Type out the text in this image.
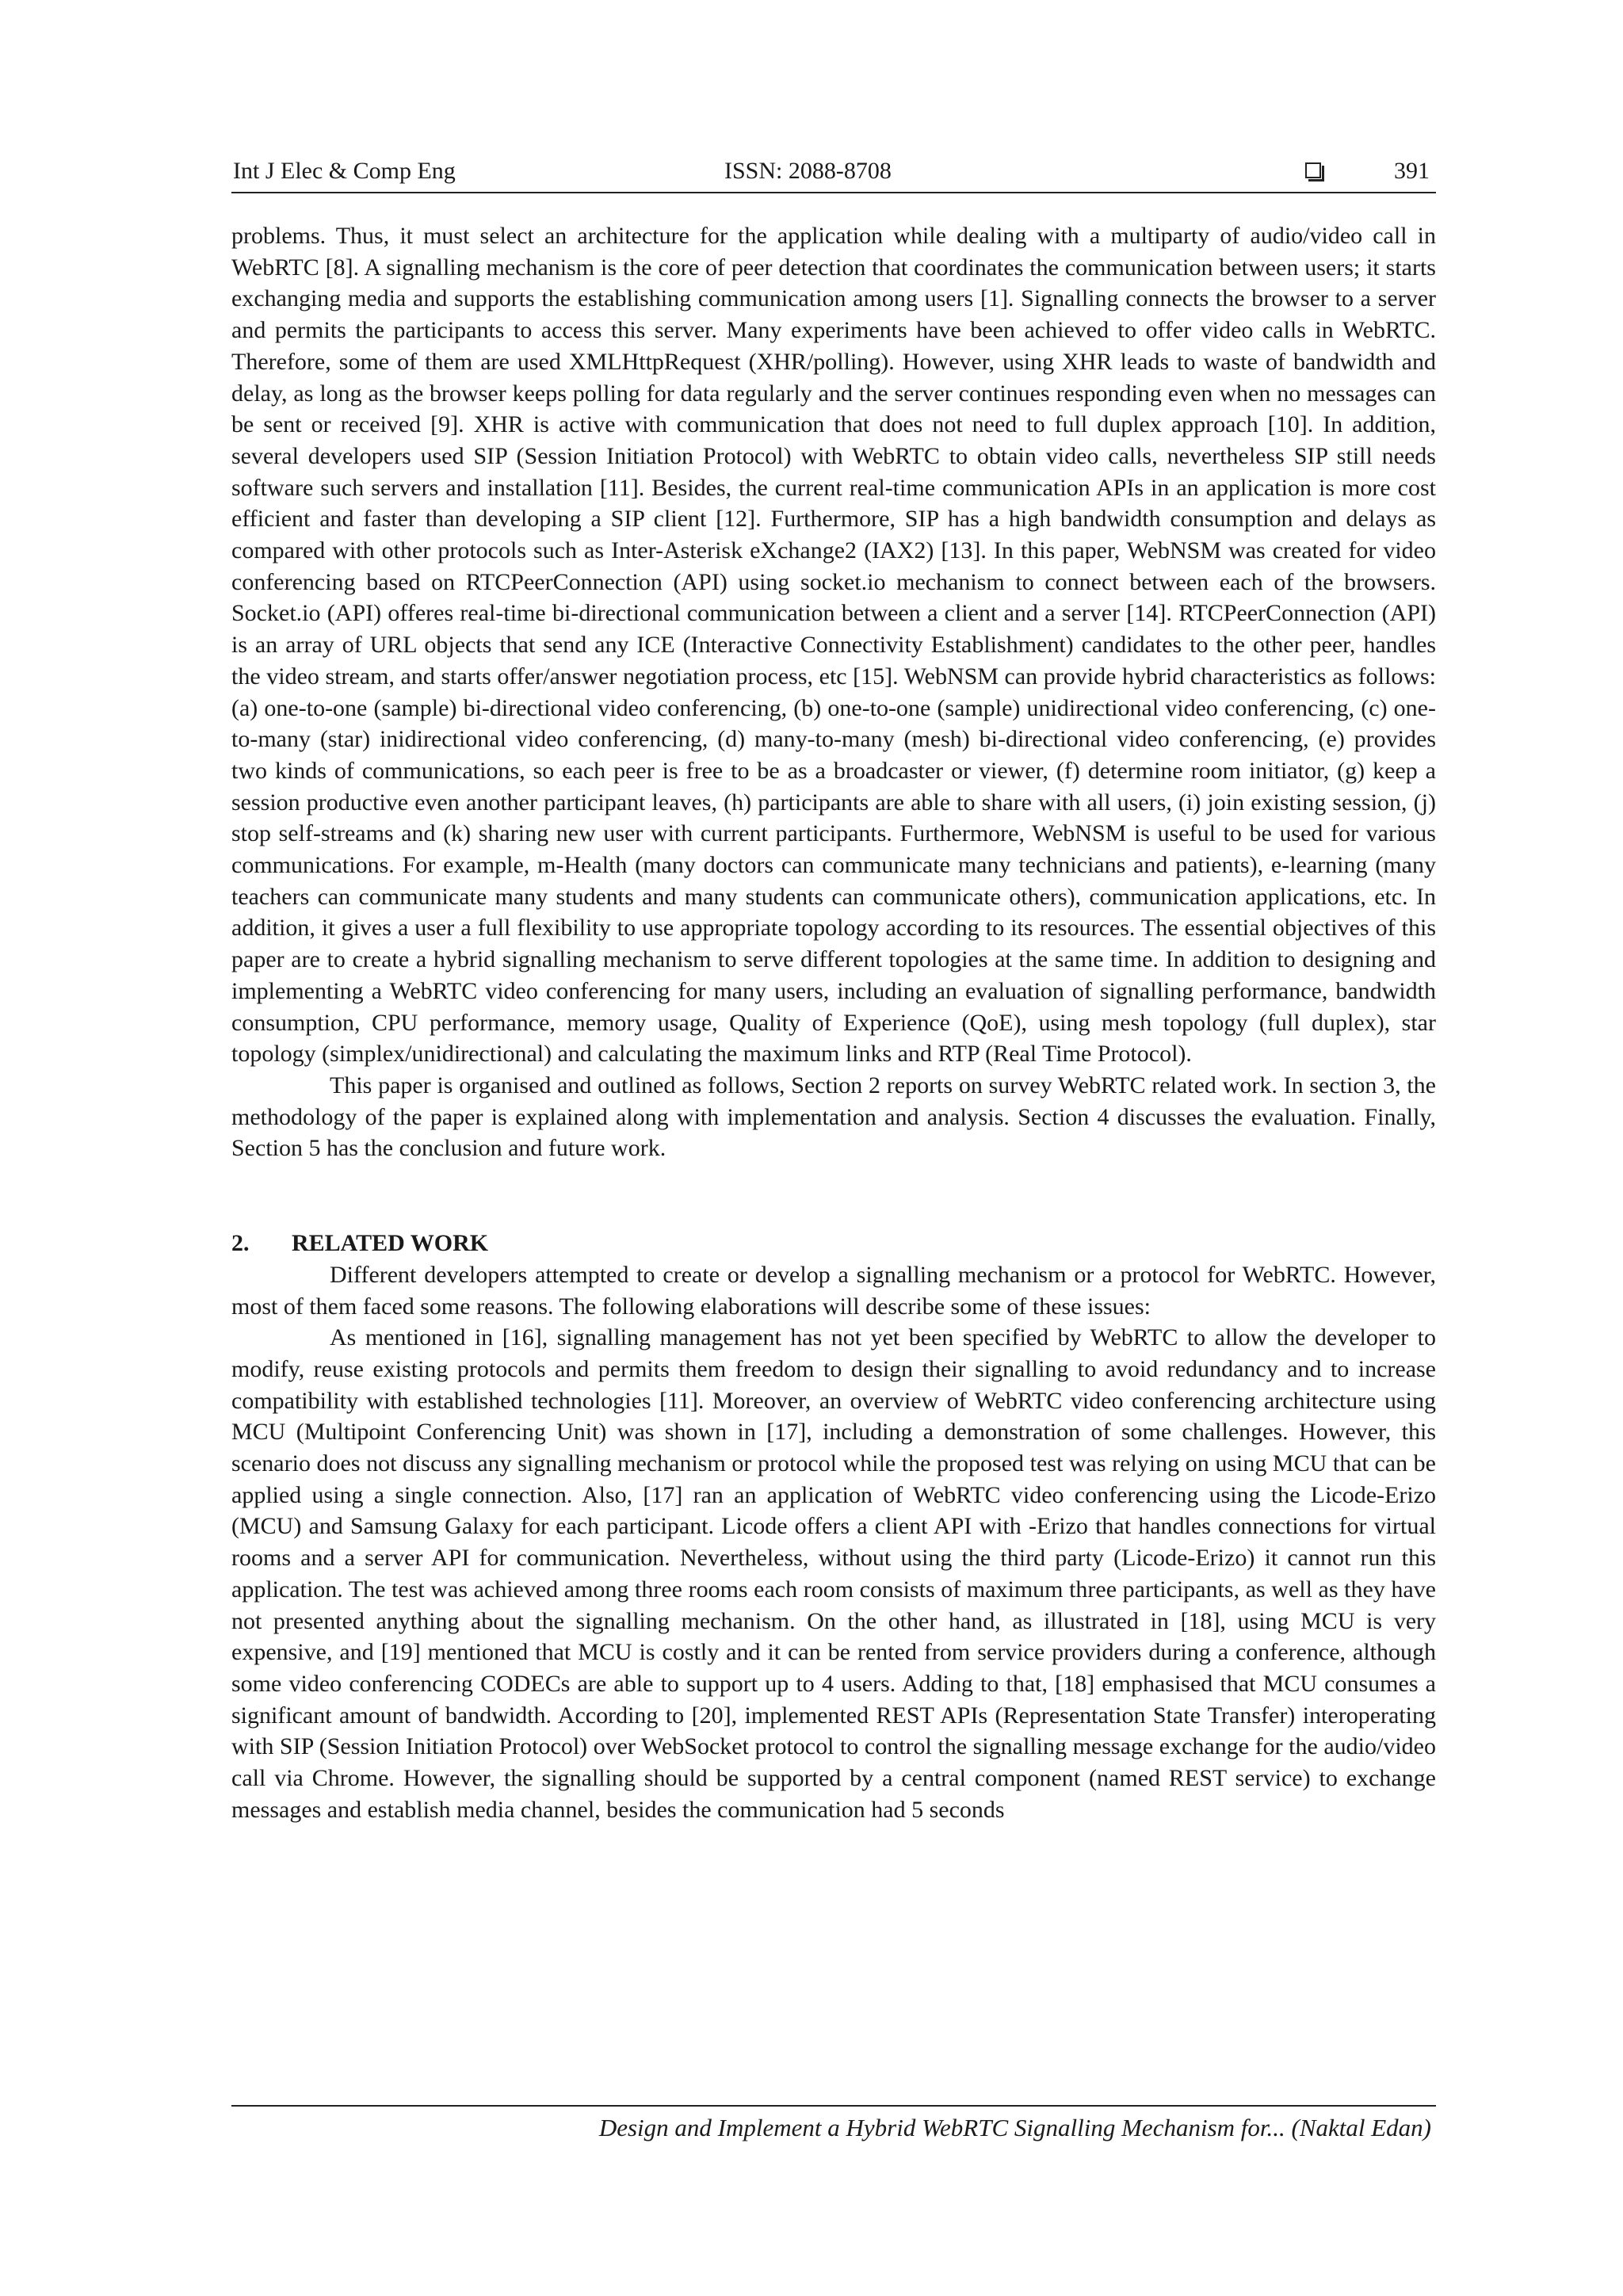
Int J Elec & Comp Eng	ISSN: 2088-8708	391

problems. Thus, it must select an architecture for the application while dealing with a multiparty of audio/video call in WebRTC [8]. A signalling mechanism is the core of peer detection that coordinates the communication between users; it starts exchanging media and supports the establishing communication among users [1]. Signalling connects the browser to a server and permits the participants to access this server. Many experiments have been achieved to offer video calls in WebRTC. Therefore, some of them are used XMLHttpRequest (XHR/polling). However, using XHR leads to waste of bandwidth and delay, as long as the browser keeps polling for data regularly and the server continues responding even when no messages can be sent or received [9]. XHR is active with communication that does not need to full duplex approach [10]. In addition, several developers used SIP (Session Initiation Protocol) with WebRTC to obtain video calls, nevertheless SIP still needs software such servers and installation [11]. Besides, the current real-time communication APIs in an application is more cost efficient and faster than developing a SIP client [12]. Furthermore, SIP has a high bandwidth consumption and delays as compared with other protocols such as Inter-Asterisk eXchange2 (IAX2) [13]. In this paper, WebNSM was created for video conferencing based on RTCPeerConnection (API) using socket.io mechanism to connect between each of the browsers. Socket.io (API) offeres real-time bi-directional communication between a client and a server [14]. RTCPeerConnection (API) is an array of URL objects that send any ICE (Interactive Connectivity Establishment) candidates to the other peer, handles the video stream, and starts offer/answer negotiation process, etc [15]. WebNSM can provide hybrid characteristics as follows: (a) one-to-one (sample) bi-directional video conferencing, (b) one-to-one (sample) unidirectional video conferencing, (c) one-to-many (star) inidirectional video conferencing, (d) many-to-many (mesh) bi-directional video conferencing, (e) provides two kinds of communications, so each peer is free to be as a broadcaster or viewer, (f) determine room initiator, (g) keep a session productive even another participant leaves, (h) participants are able to share with all users, (i) join existing session, (j) stop self-streams and (k) sharing new user with current participants. Furthermore, WebNSM is useful to be used for various communications. For example, m-Health (many doctors can communicate many technicians and patients), e-learning (many teachers can communicate many students and many students can communicate others), communication applications, etc. In addition, it gives a user a full flexibility to use appropriate topology according to its resources. The essential objectives of this paper are to create a hybrid signalling mechanism to serve different topologies at the same time. In addition to designing and implementing a WebRTC video conferencing for many users, including an evaluation of signalling performance, bandwidth consumption, CPU performance, memory usage, Quality of Experience (QoE), using mesh topology (full duplex), star topology (simplex/unidirectional) and calculating the maximum links and RTP (Real Time Protocol).

This paper is organised and outlined as follows, Section 2 reports on survey WebRTC related work. In section 3, the methodology of the paper is explained along with implementation and analysis. Section 4 discusses the evaluation. Finally, Section 5 has the conclusion and future work.

2. RELATED WORK

Different developers attempted to create or develop a signalling mechanism or a protocol for WebRTC. However, most of them faced some reasons. The following elaborations will describe some of these issues:

As mentioned in [16], signalling management has not yet been specified by WebRTC to allow the developer to modify, reuse existing protocols and permits them freedom to design their signalling to avoid redundancy and to increase compatibility with established technologies [11]. Moreover, an overview of WebRTC video conferencing architecture using MCU (Multipoint Conferencing Unit) was shown in [17], including a demonstration of some challenges. However, this scenario does not discuss any signalling mechanism or protocol while the proposed test was relying on using MCU that can be applied using a single connection. Also, [17] ran an application of WebRTC video conferencing using the Licode-Erizo (MCU) and Samsung Galaxy for each participant. Licode offers a client API with -Erizo that handles connections for virtual rooms and a server API for communication. Nevertheless, without using the third party (Licode-Erizo) it cannot run this application. The test was achieved among three rooms each room consists of maximum three participants, as well as they have not presented anything about the signalling mechanism. On the other hand, as illustrated in [18], using MCU is very expensive, and [19] mentioned that MCU is costly and it can be rented from service providers during a conference, although some video conferencing CODECs are able to support up to 4 users. Adding to that, [18] emphasised that MCU consumes a significant amount of bandwidth. According to [20], implemented REST APIs (Representation State Transfer) interoperating with SIP (Session Initiation Protocol) over WebSocket protocol to control the signalling message exchange for the audio/video call via Chrome. However, the signalling should be supported by a central component (named REST service) to exchange messages and establish media channel, besides the communication had 5 seconds

Design and Implement a Hybrid WebRTC Signalling Mechanism for... (Naktal Edan)
